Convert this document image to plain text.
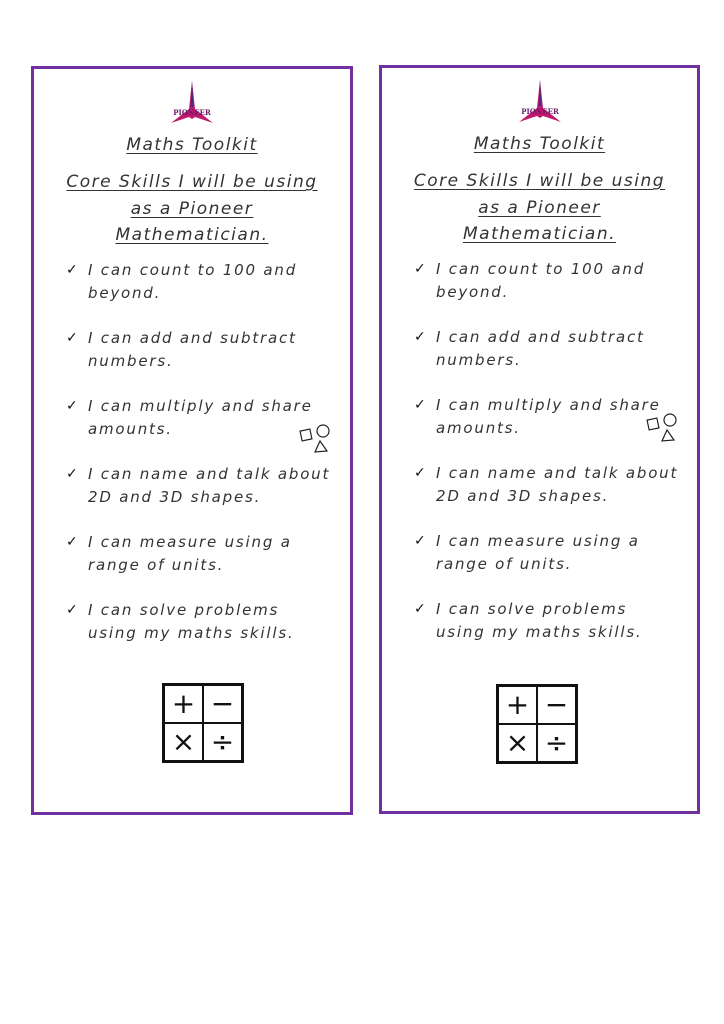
PIONEER
Maths Toolkit
Core Skills I will be using as a Pioneer Mathematician.
✓ I can count to 100 and beyond.
✓ I can add and subtract numbers.
✓ I can multiply and share amounts.
✓ I can name and talk about 2D and 3D shapes.
✓ I can measure using a range of units.
✓ I can solve problems using my maths skills.
+ −
× ÷
PIONEER
Maths Toolkit
Core Skills I will be using as a Pioneer Mathematician.
✓ I can count to 100 and beyond.
✓ I can add and subtract numbers.
✓ I can multiply and share amounts.
✓ I can name and talk about 2D and 3D shapes.
✓ I can measure using a range of units.
✓ I can solve problems using my maths skills.
+ −
× ÷
